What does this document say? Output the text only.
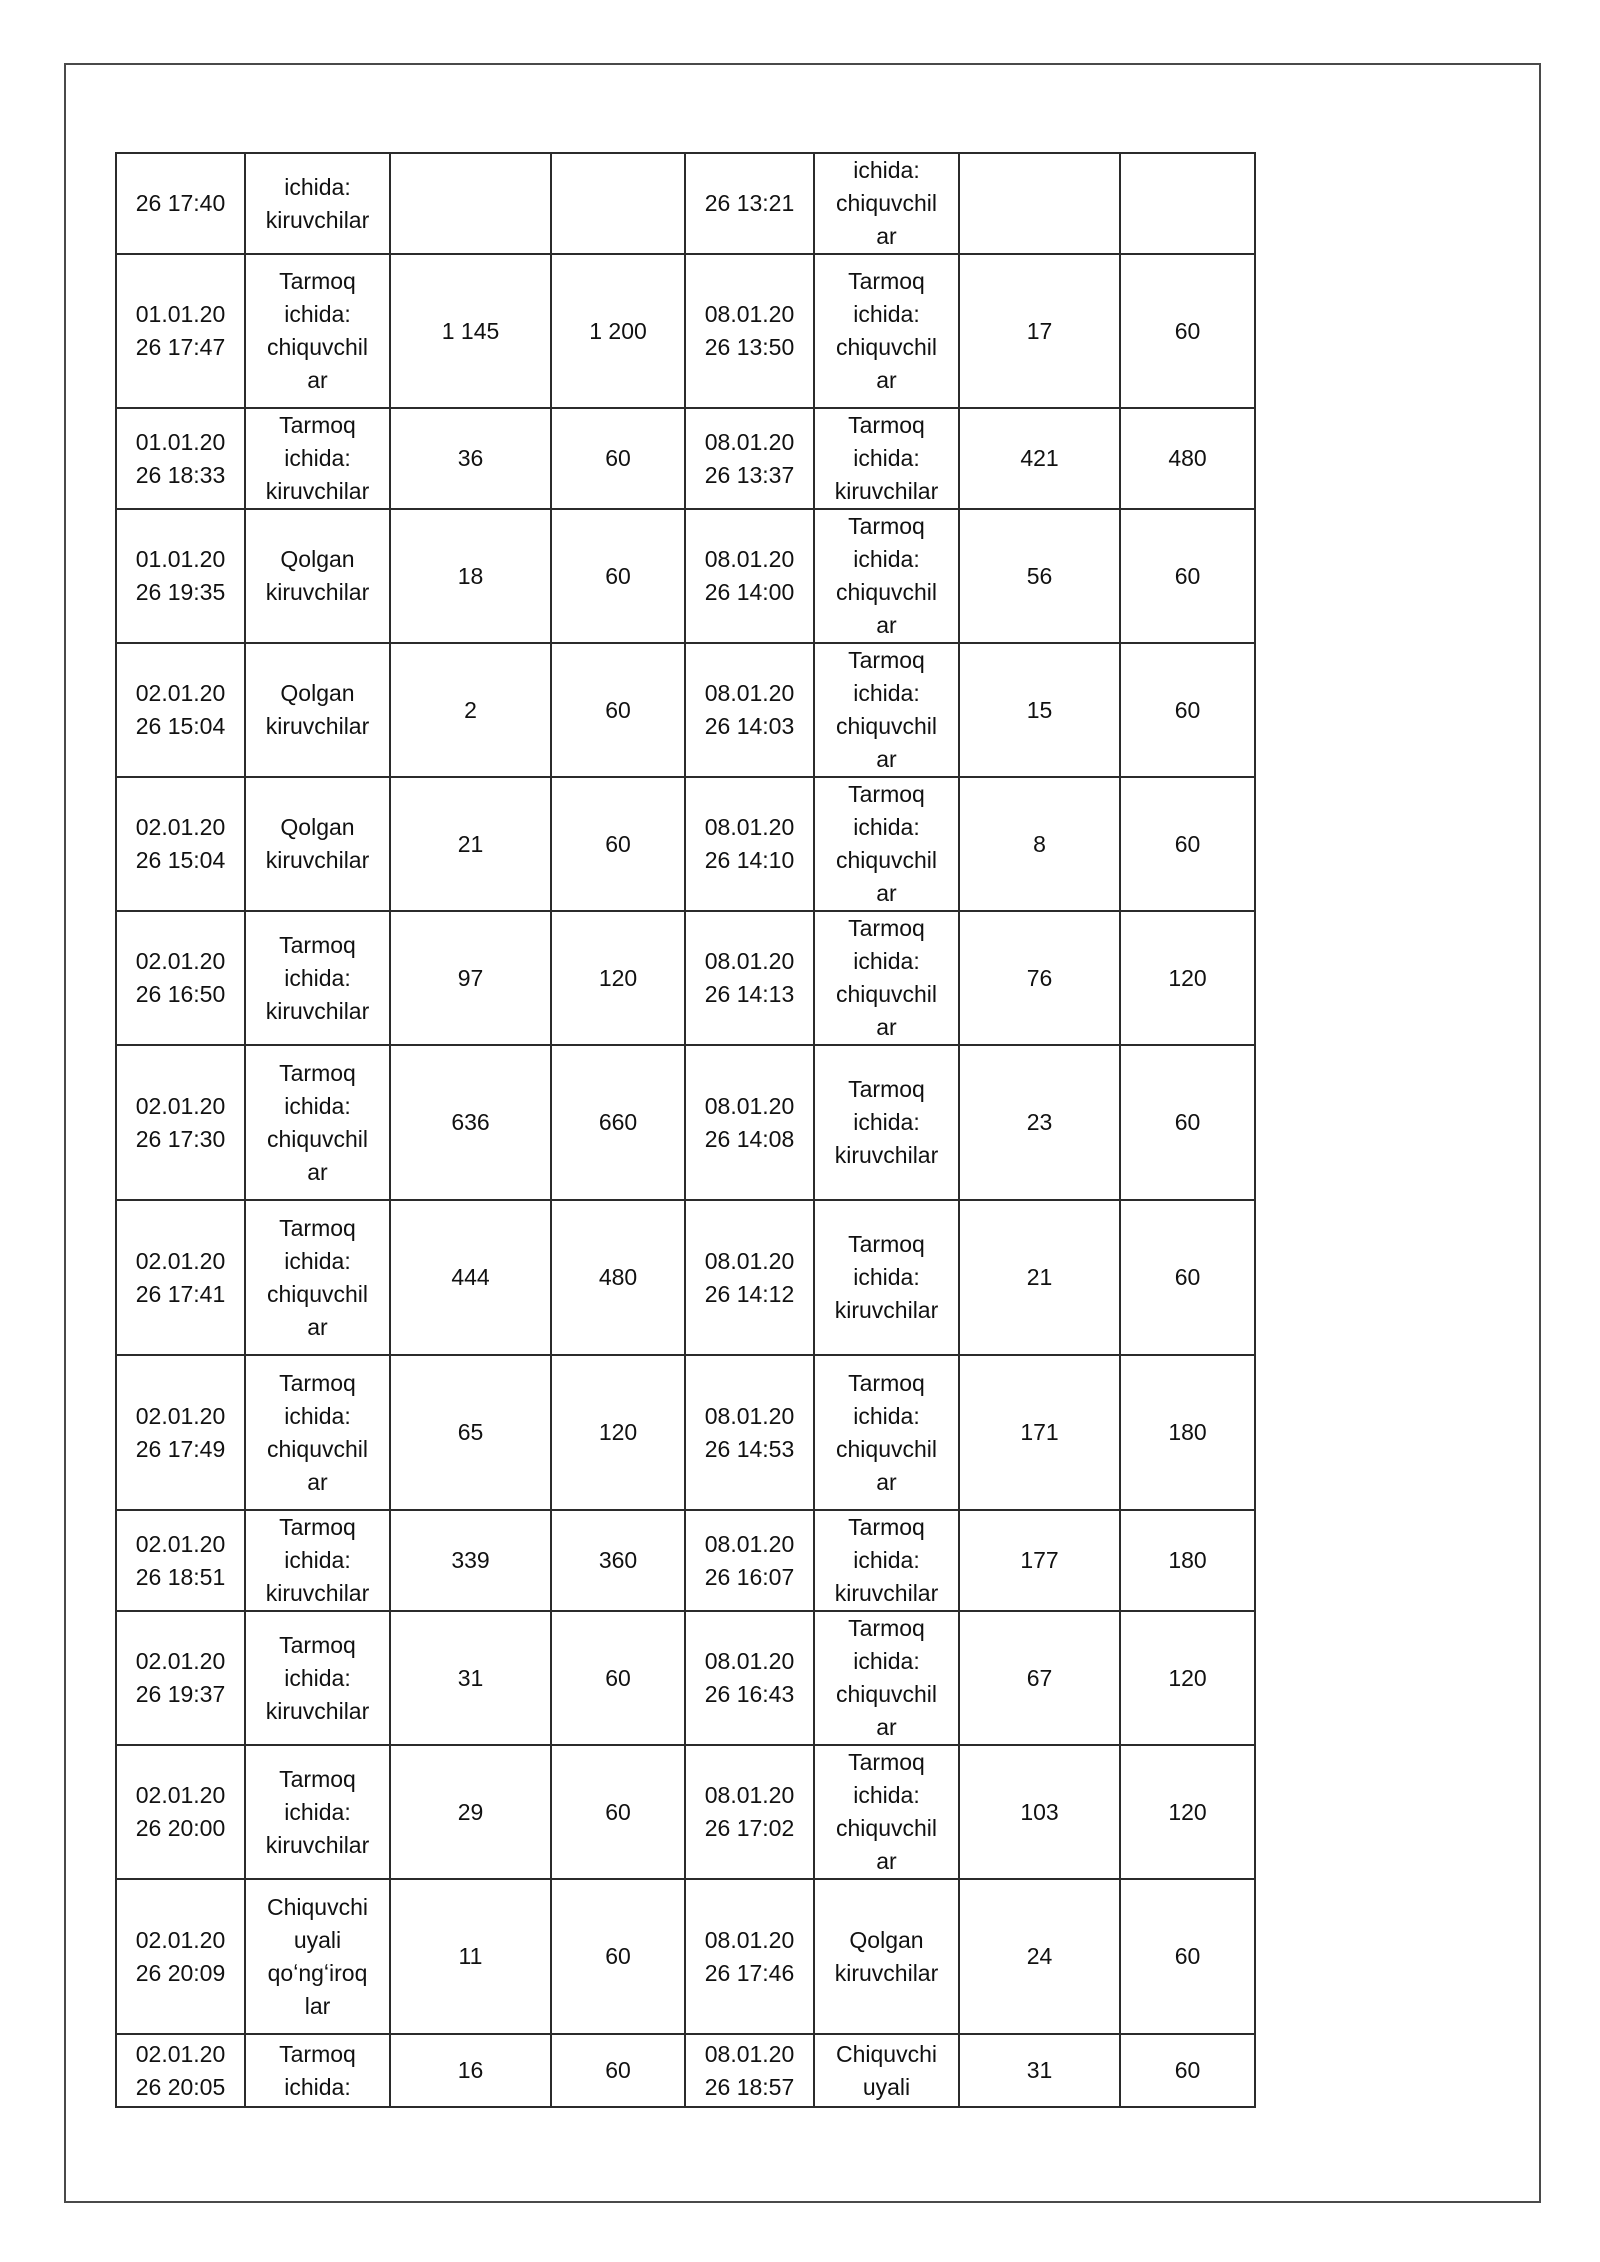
26 17:40	ichida:
kiruvchilar			26 13:21	ichida:
chiquvchil
ar		

01.01.20
26 17:47	Tarmoq
ichida:
chiquvchil
ar	1 145	1 200	08.01.20
26 13:50	Tarmoq
ichida:
chiquvchil
ar	17	60

01.01.20
26 18:33	Tarmoq
ichida:
kiruvchilar	36	60	08.01.20
26 13:37	Tarmoq
ichida:
kiruvchilar	421	480

01.01.20
26 19:35	Qolgan
kiruvchilar	18	60	08.01.20
26 14:00	Tarmoq
ichida:
chiquvchil
ar	56	60

02.01.20
26 15:04	Qolgan
kiruvchilar	2	60	08.01.20
26 14:03	Tarmoq
ichida:
chiquvchil
ar	15	60

02.01.20
26 15:04	Qolgan
kiruvchilar	21	60	08.01.20
26 14:10	Tarmoq
ichida:
chiquvchil
ar	8	60

02.01.20
26 16:50	Tarmoq
ichida:
kiruvchilar	97	120	08.01.20
26 14:13	Tarmoq
ichida:
chiquvchil
ar	76	120

02.01.20
26 17:30	Tarmoq
ichida:
chiquvchil
ar	636	660	08.01.20
26 14:08	Tarmoq
ichida:
kiruvchilar	23	60

02.01.20
26 17:41	Tarmoq
ichida:
chiquvchil
ar	444	480	08.01.20
26 14:12	Tarmoq
ichida:
kiruvchilar	21	60

02.01.20
26 17:49	Tarmoq
ichida:
chiquvchil
ar	65	120	08.01.20
26 14:53	Tarmoq
ichida:
chiquvchil
ar	171	180

02.01.20
26 18:51	Tarmoq
ichida:
kiruvchilar	339	360	08.01.20
26 16:07	Tarmoq
ichida:
kiruvchilar	177	180

02.01.20
26 19:37	Tarmoq
ichida:
kiruvchilar	31	60	08.01.20
26 16:43	Tarmoq
ichida:
chiquvchil
ar	67	120

02.01.20
26 20:00	Tarmoq
ichida:
kiruvchilar	29	60	08.01.20
26 17:02	Tarmoq
ichida:
chiquvchil
ar	103	120

02.01.20
26 20:09	Chiquvchi
uyali
qoʻngʻiroq
lar	11	60	08.01.20
26 17:46	Qolgan
kiruvchilar	24	60

02.01.20
26 20:05	Tarmoq
ichida:	16	60	08.01.20
26 18:57	Chiquvchi
uyali	31	60
